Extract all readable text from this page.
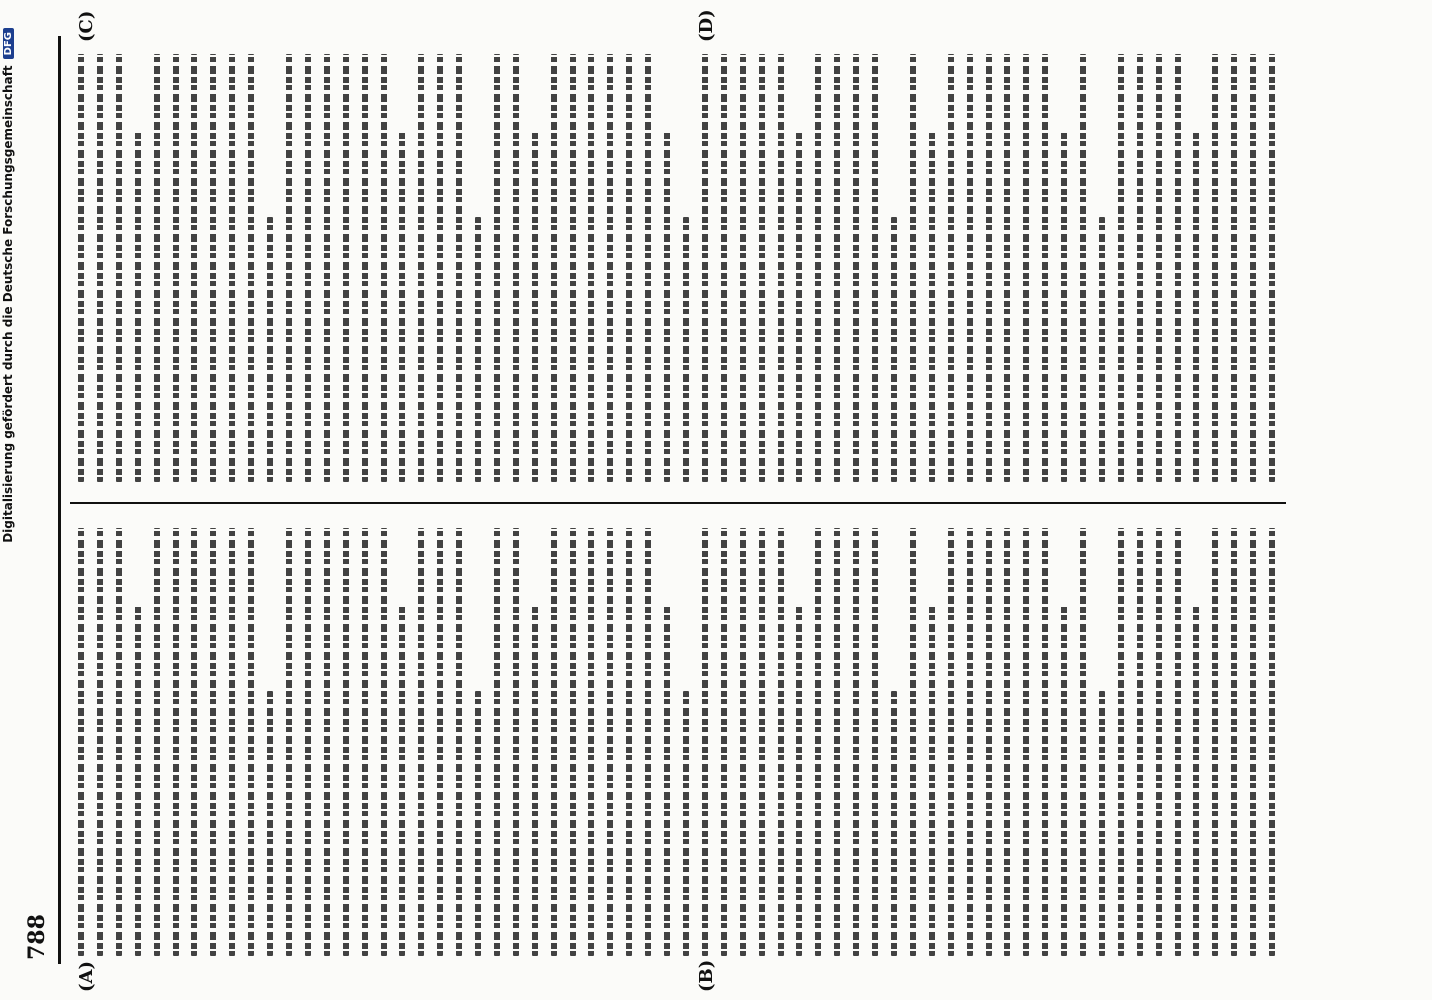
788
(A)	(B)
(C)	(D)
Digitalisierung gefördert durch die Deutsche Forschungsgemeinschaft
DFG
